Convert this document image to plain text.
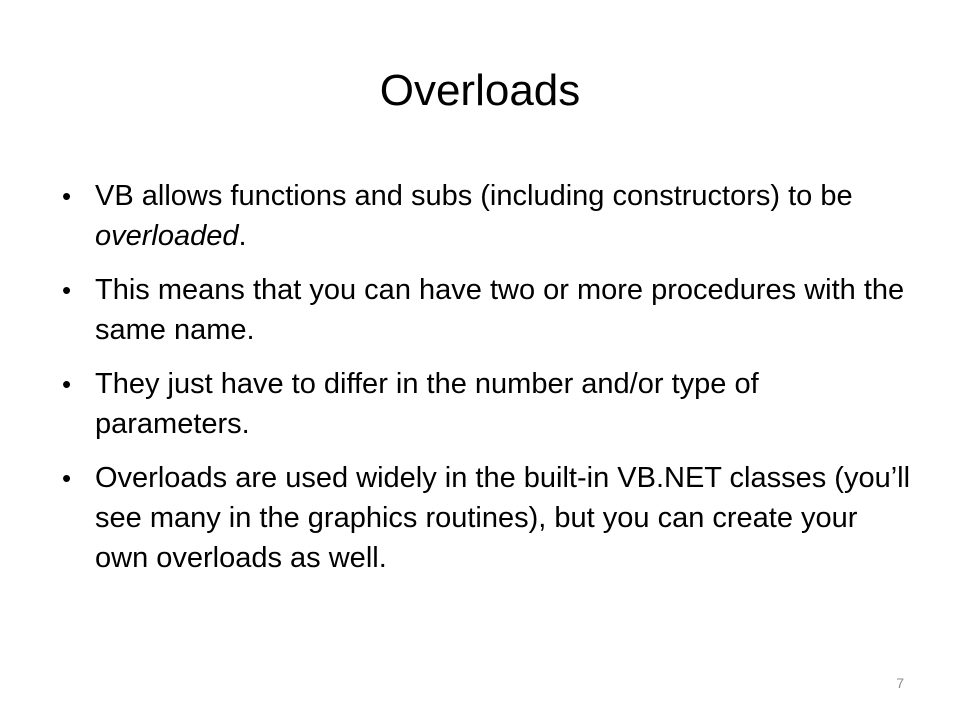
Overloads
• VB allows functions and subs (including constructors) to be overloaded.
• This means that you can have two or more procedures with the same name.
• They just have to differ in the number and/or type of parameters.
• Overloads are used widely in the built-in VB.NET classes (you’ll see many in the graphics routines), but you can create your own overloads as well.
7
